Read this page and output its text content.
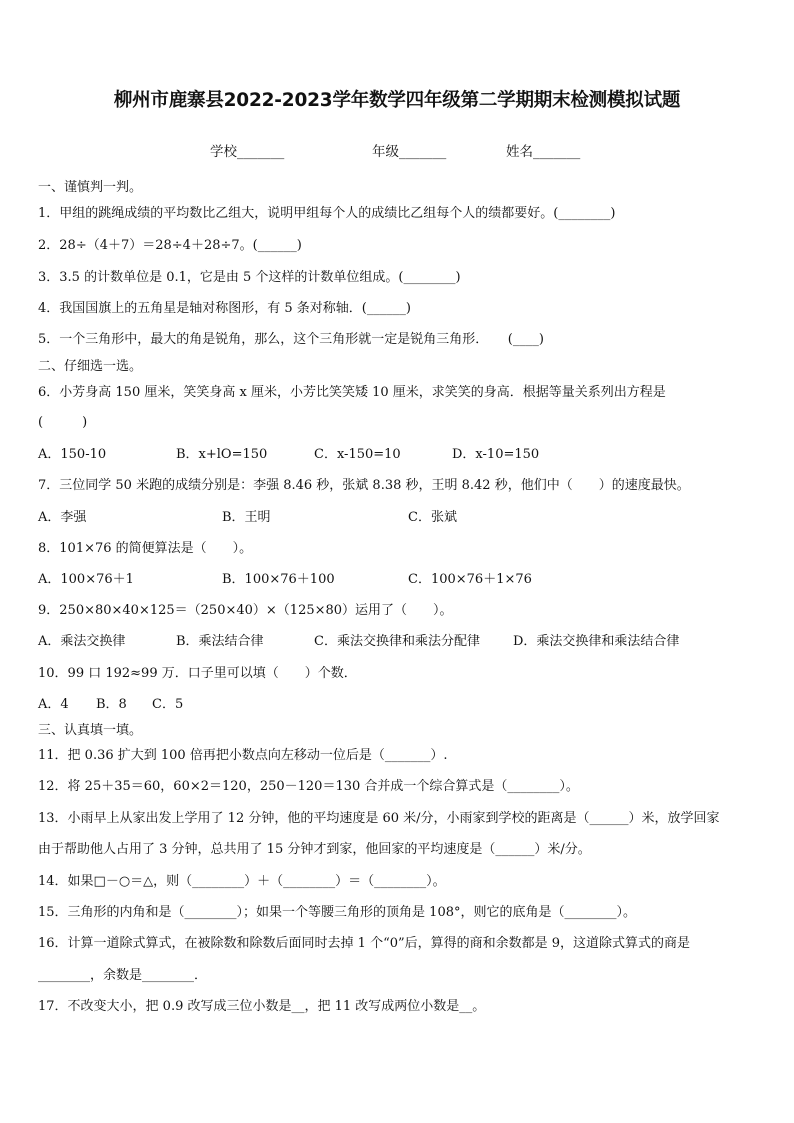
柳州市鹿寨县2022-2023学年数学四年级第二学期期末检测模拟试题
学校_______	年级_______	姓名_______
一、谨慎判一判。
1．甲组的跳绳成绩的平均数比乙组大，说明甲组每个人的成绩比乙组每个人的绩都要好。(________)
2．28÷（4＋7）＝28÷4＋28÷7。(______)
3．3.5 的计数单位是 0.1，它是由 5 个这样的计数单位组成。(________)
4．我国国旗上的五角星是轴对称图形，有 5 条对称轴．(______)
5．一个三角形中，最大的角是锐角，那么，这个三角形就一定是锐角三角形．　　(____)
二、仔细选一选。
6．小芳身高 150 厘米，笑笑身高 x 厘米，小芳比笑笑矮 10 厘米，求笑笑的身高．根据等量关系列出方程是
(　　　)
A．150-10	B．x+lO=150	C．x-150=10	D．x-10=150
7．三位同学 50 米跑的成绩分别是：李强 8.46 秒，张斌 8.38 秒，王明 8.42 秒，他们中（　　）的速度最快。
A．李强	B．王明	C．张斌
8．101×76 的简便算法是（　　）。
A．100×76＋1	B．100×76＋100	C．100×76＋1×76
9．250×80×40×125＝（250×40）×（125×80）运用了（　　）。
A．乘法交换律	B．乘法结合律	C．乘法交换律和乘法分配律	D．乘法交换律和乘法结合律
10．99 口 192≈99 万．口子里可以填（　　）个数．
A．4 B．8 C．5
三、认真填一填。
11．把 0.36 扩大到 100 倍再把小数点向左移动一位后是（_______）.
12．将 25＋35＝60，60×2＝120，250－120＝130 合并成一个综合算式是（________）。
13．小雨早上从家出发上学用了 12 分钟，他的平均速度是 60 米/分，小雨家到学校的距离是（______）米，放学回家
由于帮助他人占用了 3 分钟，总共用了 15 分钟才到家，他回家的平均速度是（______）米/分。
14．如果□－○＝△，则（________）＋（________）＝（________）。
15．三角形的内角和是（________）；如果一个等腰三角形的顶角是 108°，则它的底角是（________）。
16．计算一道除式算式，在被除数和除数后面同时去掉 1 个“0”后，算得的商和余数都是 9，这道除式算式的商是
________，余数是________．
17．不改变大小，把 0.9 改写成三位小数是__，把 11 改写成两位小数是__。
